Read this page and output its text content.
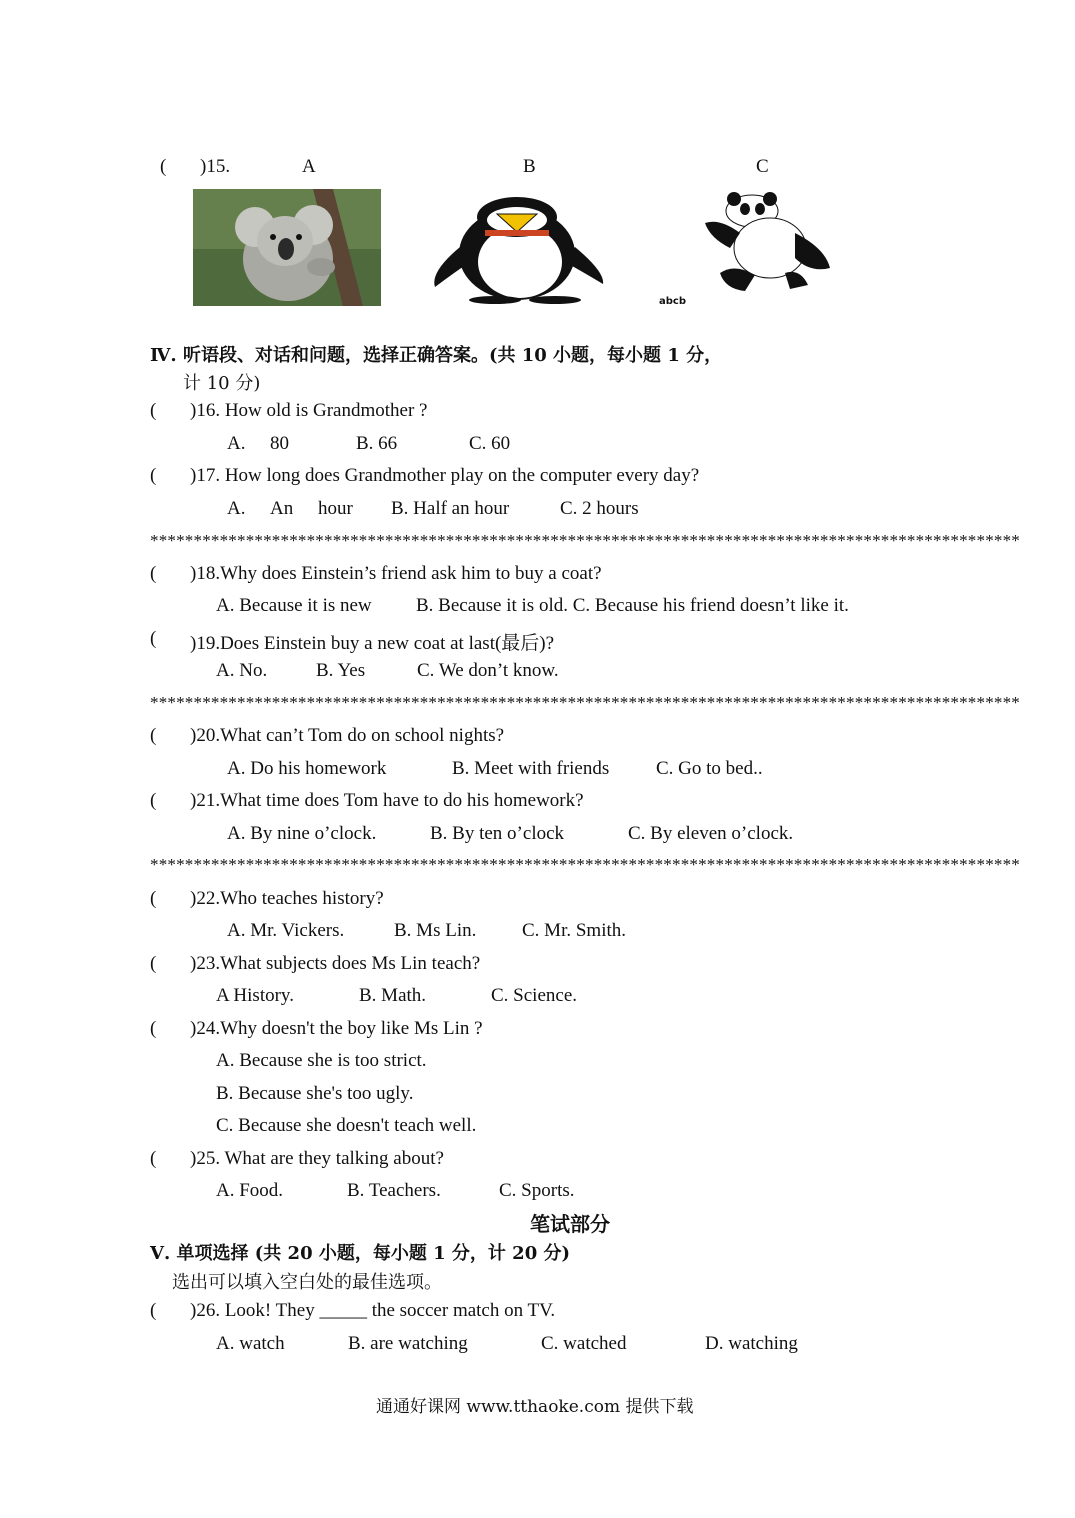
( )15.	A	B	C
abcb
Ⅳ. 听语段、对话和问题，选择正确答案。(共 10 小题，每小题 1 分，
计 10 分)
( )16. How old is Grandmother ?
A. 80	B. 66	C. 60
( )17. How long does Grandmother play on the computer every day?
A. An hour B. Half an hour	C. 2 hours
****************************************************************************************************
( )18.Why does Einstein’s friend ask him to buy a coat?
A. Because it is new B. Because it is old. C. Because his friend doesn’t like it.
( )19.Does Einstein buy a new coat at last(最后)?
A. No.	B. Yes	C. We don’t know.
****************************************************************************************************
( )20.What can’t Tom do on school nights?
A. Do his homework	B. Meet with friends C. Go to bed..
( )21.What time does Tom have to do his homework?
A. By nine o’clock.	B. By ten o’clock	C. By eleven o’clock.
****************************************************************************************************
( )22.Who teaches history?
A. Mr. Vickers.	B. Ms Lin. C. Mr. Smith.
( )23.What subjects does Ms Lin teach?
A History.	B. Math.	C. Science.
( )24.Why doesn't the boy like Ms Lin ?
A. Because she is too strict.
B. Because she's too ugly.
C. Because she doesn't teach well.
( )25. What are they talking about?
A. Food.	B. Teachers.	C. Sports.
笔试部分
Ⅴ. 单项选择 (共 20 小题，每小题 1 分，计 20 分)
选出可以填入空白处的最佳选项。
( )26. Look! They _____ the soccer match on TV.
A. watch	B. are watching	C. watched	D. watching
通通好课网 www.tthaoke.com 提供下载
